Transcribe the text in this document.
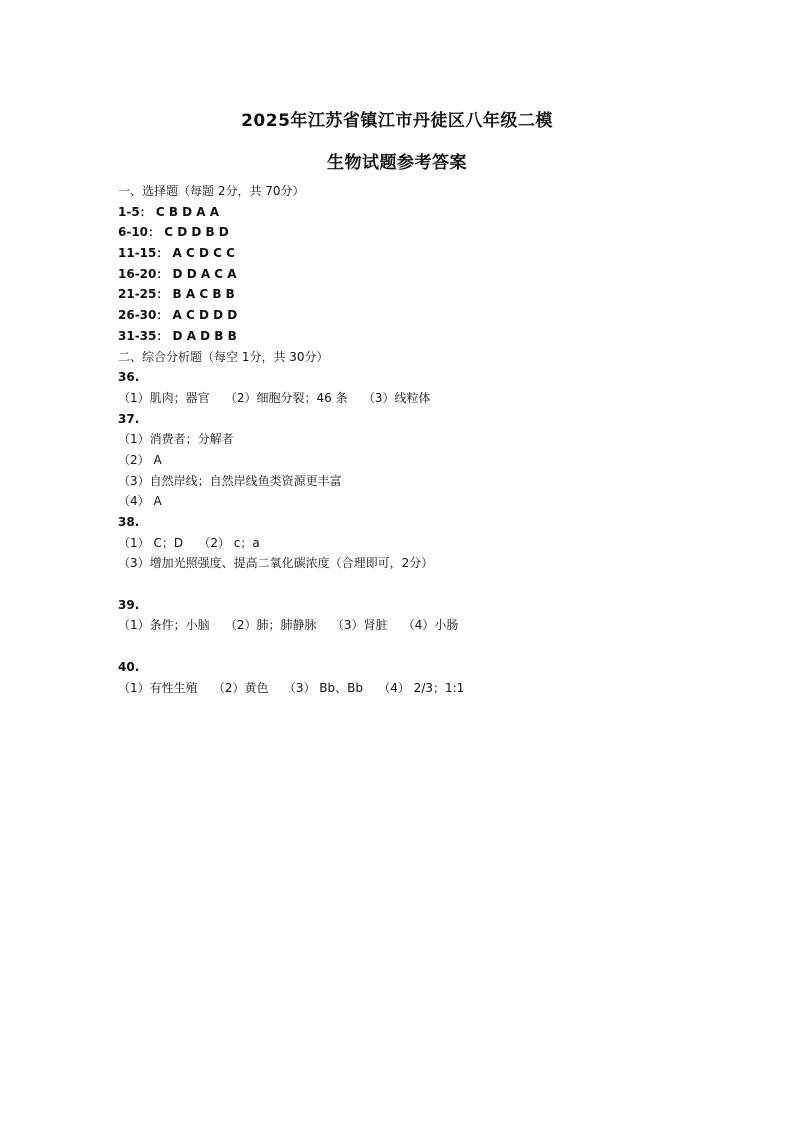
2025年江苏省镇江市丹徒区八年级二模
生物试题参考答案
一、选择题（每题 2分，共 70分）
1-5： C B D A A
6-10： C D D B D
11-15： A C D C C
16-20： D D A C A
21-25： B A C B B
26-30： A C D D D
31-35： D A D B B
二、综合分析题（每空 1分，共 30分）
36.
（1）肌肉；器官 （2）细胞分裂；46 条 （3）线粒体
37.
（1）消费者；分解者
（2） A
（3）自然岸线；自然岸线鱼类资源更丰富
（4） A
38.
（1） C；D （2） c；a
（3）增加光照强度、提高二氧化碳浓度（合理即可，2分）
39.
（1）条件；小脑 （2）肺；肺静脉 （3）肾脏 （4）小肠
40.
（1）有性生殖 （2）黄色 （3） Bb、Bb （4） 2/3；1:1
